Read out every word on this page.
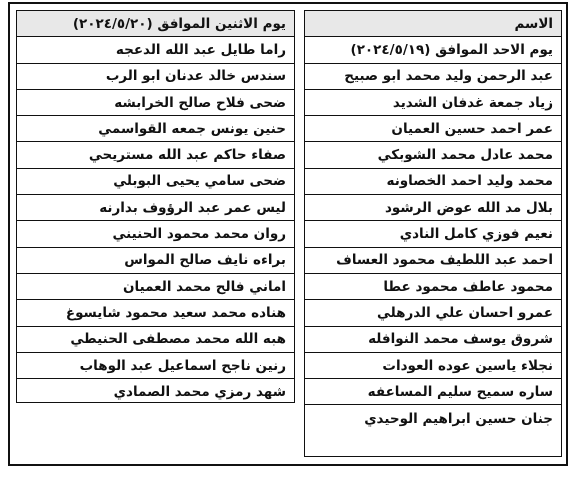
الاسم
يوم الاحد الموافق (٢٠٢٤/٥/١٩)
عبد الرحمن وليد محمد ابو صبيح
زياد جمعة غدفان الشديد
عمر احمد حسين العميان
محمد عادل محمد الشوبكي
محمد وليد احمد الخصاونه
بلال مد الله عوض الرشود
نعيم فوزي كامل النادي
احمد عبد اللطيف محمود العساف
محمود عاطف محمود عطا
عمرو احسان علي الدرهلي
شروق يوسف محمد النوافله
نجلاء ياسين عوده العودات
ساره سميح سليم المساعفه
جنان حسين ابراهيم الوحيدي
يوم الاثنين الموافق (٢٠٢٤/٥/٢٠)
راما طايل عبد الله الدعجه
سندس خالد عدنان ابو الرب
ضحى فلاح صالح الخرابشه
حنين يونس جمعه القواسمي
صفاء حاكم عبد الله مستريحي
ضحى سامي يحيى البوبلي
ليس عمر عبد الرؤوف بدارنه
روان محمد محمود الحنيني
براءه نايف صالح المواس
اماني فالح محمد العميان
هناده محمد سعيد محمود شايسوغ
هبه الله محمد مصطفى الحنيطي
رنين ناجح اسماعيل عبد الوهاب
شهد رمزي محمد الصمادي
